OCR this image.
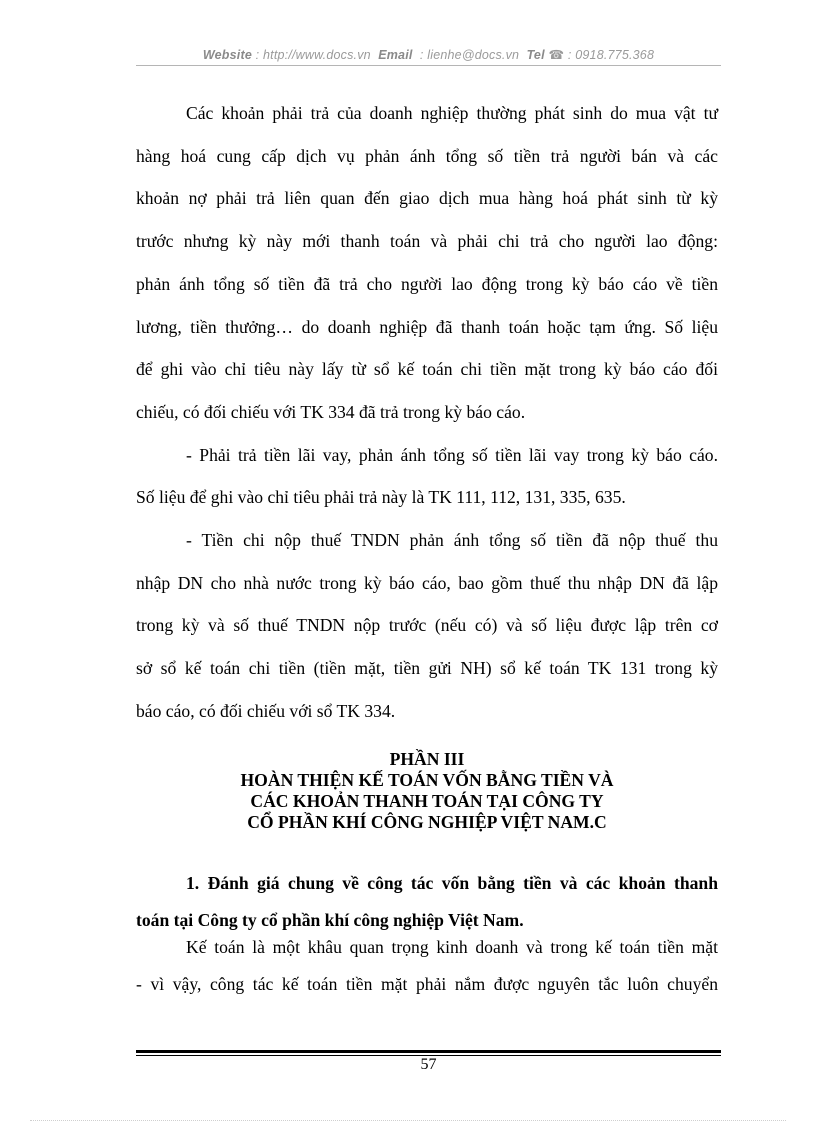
Website : http://www.docs.vn Email : lienhe@docs.vn Tel ☎ : 0918.775.368

Các khoản phải trả của doanh nghiệp thường phát sinh do mua vật tư

hàng hoá cung cấp dịch vụ phản ánh tổng số tiền trả người bán và các

khoản nợ phải trả liên quan đến giao dịch mua hàng hoá phát sinh từ kỳ

trước nhưng kỳ này mới thanh toán và phải chi trả cho người lao động:

phản ánh tổng số tiền đã trả cho người lao động trong kỳ báo cáo về tiền

lương, tiền thưởng… do doanh nghiệp đã thanh toán hoặc tạm ứng. Số liệu

để ghi vào chỉ tiêu này lấy từ sổ kế toán chi tiền mặt trong kỳ báo cáo đối

chiếu, có đối chiếu với TK 334 đã trả trong kỳ báo cáo.

- Phải trả tiền lãi vay, phản ánh tổng số tiền lãi vay trong kỳ báo cáo.

Số liệu để ghi vào chỉ tiêu phải trả này là TK 111, 112, 131, 335, 635.

- Tiền chi nộp thuế TNDN phản ánh tổng số tiền đã nộp thuế thu

nhập DN cho nhà nước trong kỳ báo cáo, bao gồm thuế thu nhập DN đã lập

trong kỳ và số thuế TNDN nộp trước (nếu có) và số liệu được lập trên cơ

sở sổ kế toán chi tiền (tiền mặt, tiền gửi NH) sổ kế toán TK 131 trong kỳ

báo cáo, có đối chiếu với sổ TK 334.

PHẦN III
HOÀN THIỆN KẾ TOÁN VỐN BẰNG TIỀN VÀ
CÁC KHOẢN THANH TOÁN TẠI CÔNG TY
CỔ PHẦN KHÍ CÔNG NGHIỆP VIỆT NAM.C

1. Đánh giá chung về công tác vốn bằng tiền và các khoản thanh

toán tại Công ty cổ phần khí công nghiệp Việt Nam.

Kế toán là một khâu quan trọng kinh doanh và trong kế toán tiền mặt

- vì vậy, công tác kế toán tiền mặt phải nắm được nguyên tắc luôn chuyển

57
